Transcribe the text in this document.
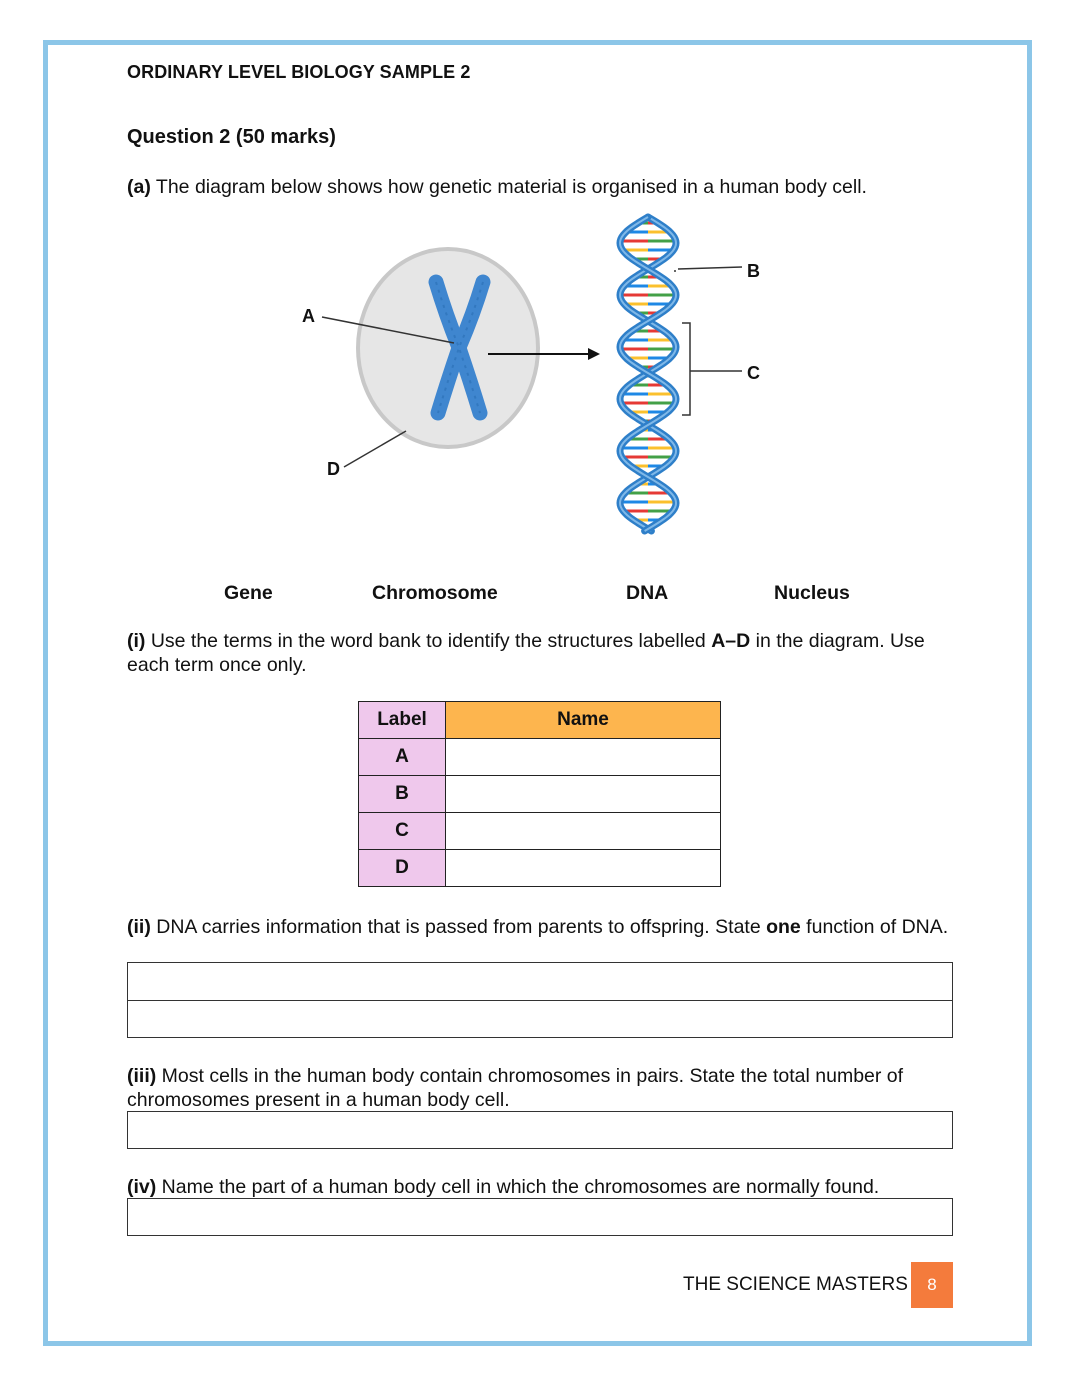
ORDINARY LEVEL BIOLOGY SAMPLE 2
Question 2 (50 marks)
(a) The diagram below shows how genetic material is organised in a human body cell.
A
D
B
C
Gene	Chromosome	DNA	Nucleus
(i) Use the terms in the word bank to identify the structures labelled A–D in the diagram. Use each term once only.
Label	Name
A	
B	
C	
D	
(ii) DNA carries information that is passed from parents to offspring. State one function of DNA.
(iii) Most cells in the human body contain chromosomes in pairs. State the total number of chromosomes present in a human body cell.
(iv) Name the part of a human body cell in which the chromosomes are normally found.
THE SCIENCE MASTERS	8
